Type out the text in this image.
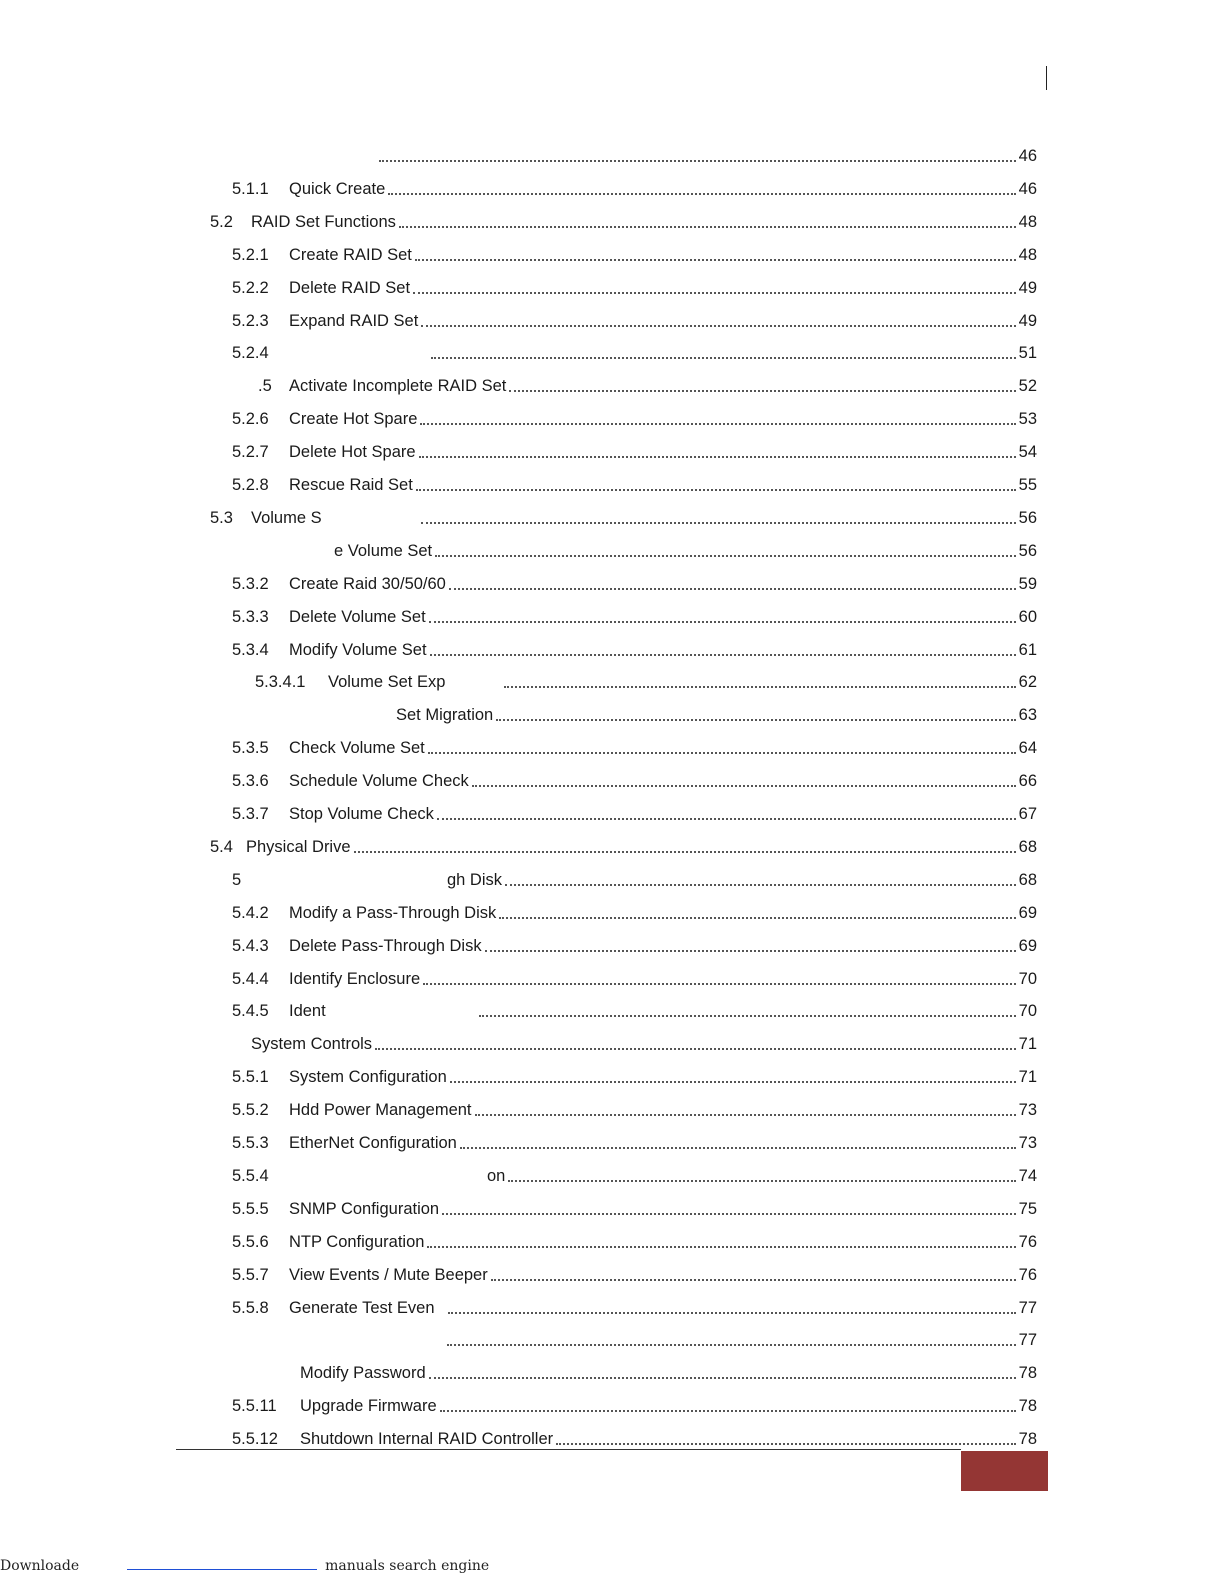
46
5.1.1	Quick Create	46
5.2	RAID Set Functions	48
5.2.1	Create RAID Set	48
5.2.2	Delete RAID Set	49
5.2.3	Expand RAID Set	49
5.2.4	51
.5	Activate Incomplete RAID Set	52
5.2.6	Create Hot Spare	53
5.2.7	Delete Hot Spare	54
5.2.8	Rescue Raid Set	55
5.3	Volume S	56
e Volume Set	56
5.3.2	Create Raid 30/50/60	59
5.3.3	Delete Volume Set	60
5.3.4	Modify Volume Set	61
5.3.4.1	Volume Set Exp	62
Set Migration	63
5.3.5	Check Volume Set	64
5.3.6	Schedule Volume Check	66
5.3.7	Stop Volume Check	67
5.4 Physical Drive	68
5	gh Disk	68
5.4.2	Modify a Pass-Through Disk	69
5.4.3	Delete Pass-Through Disk	69
5.4.4	Identify Enclosure	70
5.4.5	Ident	70
System Controls	71
5.5.1	System Configuration	71
5.5.2	Hdd Power Management	73
5.5.3	EtherNet Configuration	73
5.5.4	on	74
5.5.5	SNMP Configuration	75
5.5.6	NTP Configuration	76
5.5.7	View Events / Mute Beeper	76
5.5.8	Generate Test Even	77
77
Modify Password	78
5.5.11	Upgrade Firmware	78
5.5.12	Shutdown Internal RAID Controller	78
Downloade	manuals search engine
